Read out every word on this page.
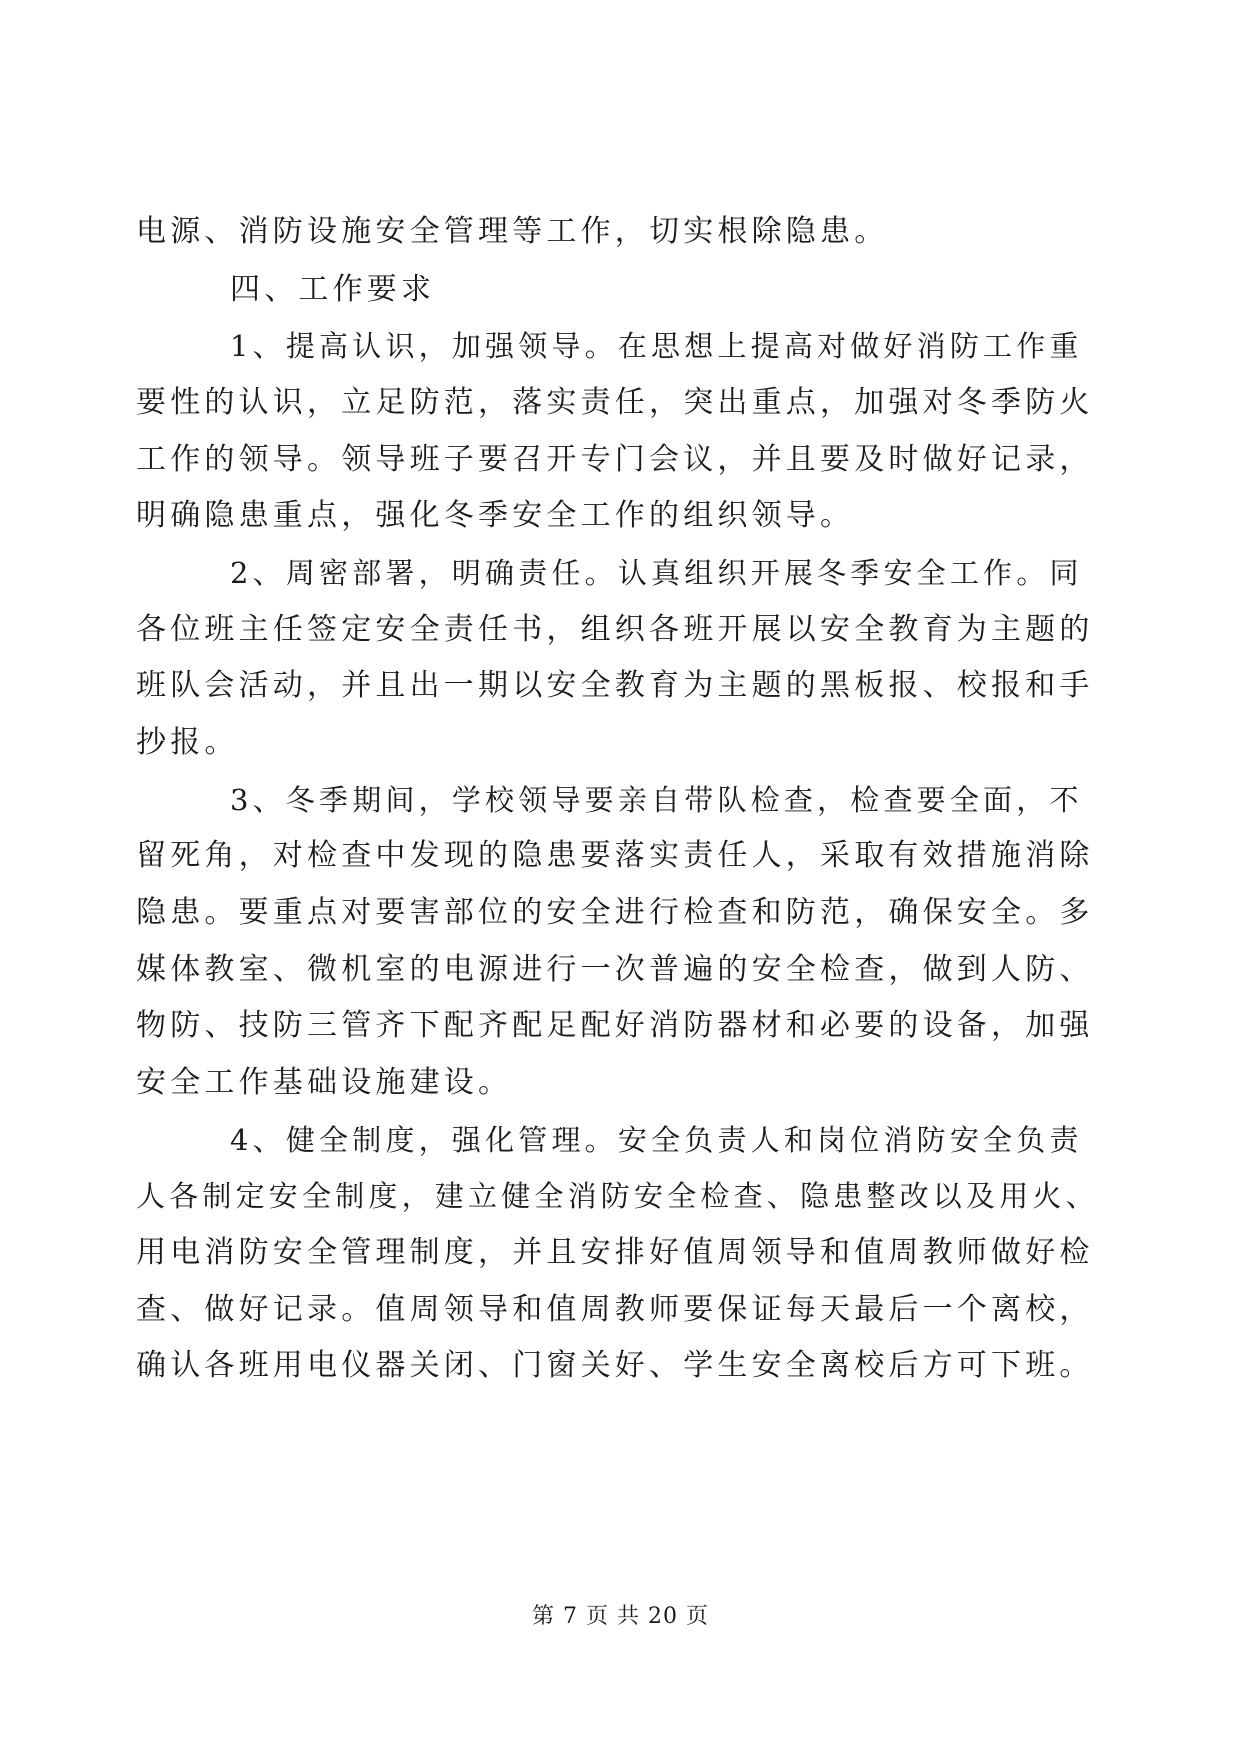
电源、消防设施安全管理等工作，切实根除隐患。
四、工作要求
1、提高认识，加强领导。在思想上提高对做好消防工作重
要性的认识，立足防范，落实责任，突出重点，加强对冬季防火
工作的领导。领导班子要召开专门会议，并且要及时做好记录，
明确隐患重点，强化冬季安全工作的组织领导。
2、周密部署，明确责任。认真组织开展冬季安全工作。同
各位班主任签定安全责任书，组织各班开展以安全教育为主题的
班队会活动，并且出一期以安全教育为主题的黑板报、校报和手
抄报。
3、冬季期间，学校领导要亲自带队检查，检查要全面，不
留死角，对检查中发现的隐患要落实责任人，采取有效措施消除
隐患。要重点对要害部位的安全进行检查和防范，确保安全。多
媒体教室、微机室的电源进行一次普遍的安全检查，做到人防、
物防、技防三管齐下配齐配足配好消防器材和必要的设备，加强
安全工作基础设施建设。
4、健全制度，强化管理。安全负责人和岗位消防安全负责
人各制定安全制度，建立健全消防安全检查、隐患整改以及用火、
用电消防安全管理制度，并且安排好值周领导和值周教师做好检
查、做好记录。值周领导和值周教师要保证每天最后一个离校，
确认各班用电仪器关闭、门窗关好、学生安全离校后方可下班。
第 7 页 共 20 页
